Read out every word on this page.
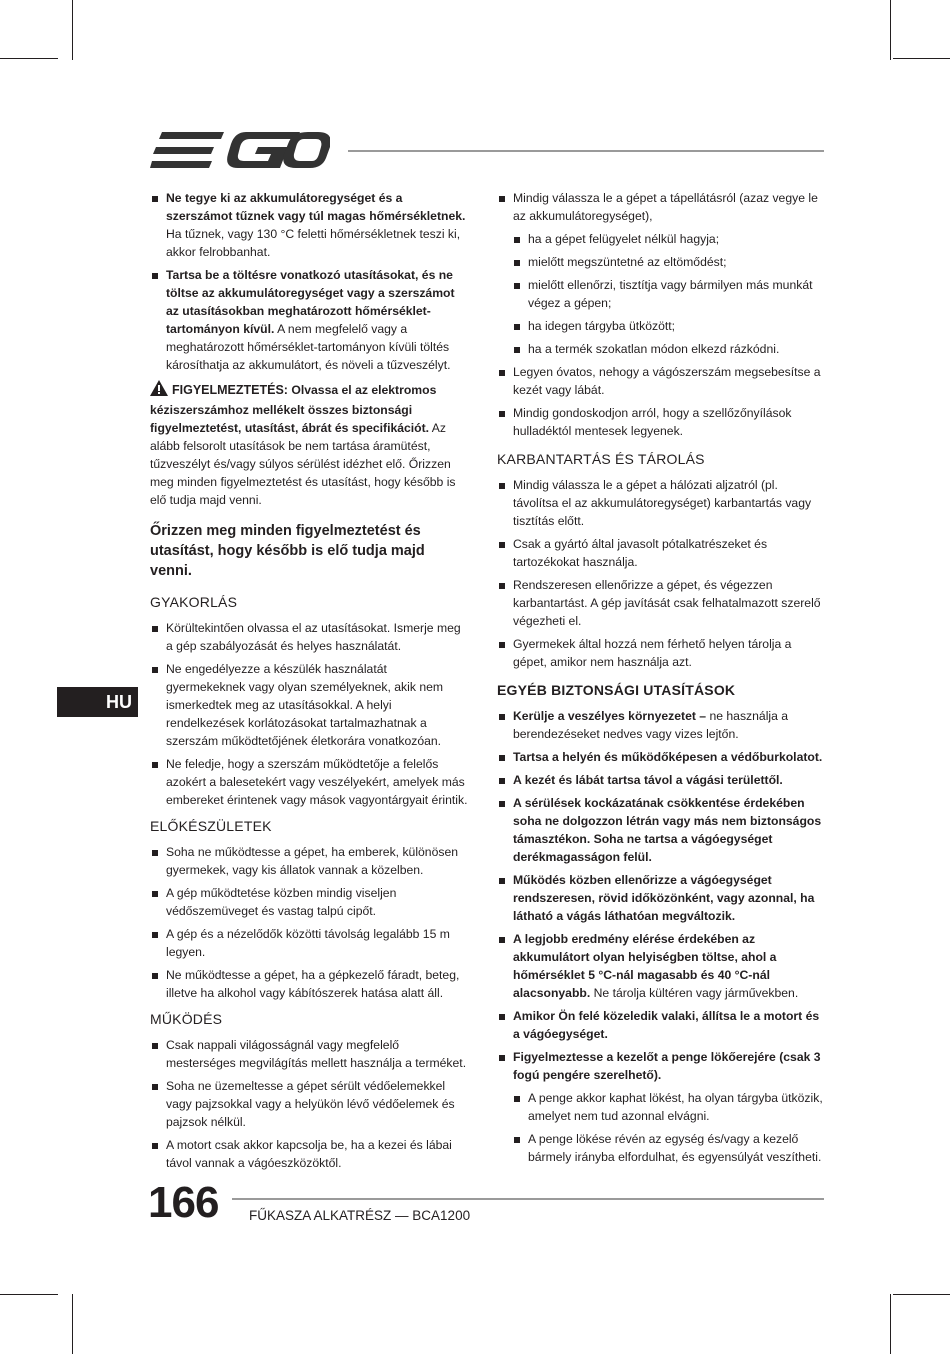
Ne tegye ki az akkumulátoregységet és a szerszámot tűznek vagy túl magas hőmérsékletnek. Ha tűznek, vagy 130 °C feletti hőmérsékletnek teszi ki, akkor felrobbanhat.
Tartsa be a töltésre vonatkozó utasításokat, és ne töltse az akkumulátoregységet vagy a szerszámot az utasításokban meghatározott hőmérséklet-tartományon kívül. A nem megfelelő vagy a meghatározott hőmérséklet-tartományon kívüli töltés károsíthatja az akkumulátort, és növeli a tűzveszélyt.
FIGYELMEZTETÉS: Olvassa el az elektromos kéziszerszámhoz mellékelt összes biztonsági figyelmeztetést, utasítást, ábrát és specifikációt. Az alább felsorolt utasítások be nem tartása áramütést, tűzveszélyt és/vagy súlyos sérülést idézhet elő. Őrizzen meg minden figyelmeztetést és utasítást, hogy később is elő tudja majd venni.
Őrizzen meg minden figyelmeztetést és utasítást, hogy később is elő tudja majd venni.
GYAKORLÁS
Körültekintően olvassa el az utasításokat. Ismerje meg a gép szabályozását és helyes használatát.
Ne engedélyezze a készülék használatát gyermekeknek vagy olyan személyeknek, akik nem ismerkedtek meg az utasításokkal. A helyi rendelkezések korlátozásokat tartalmazhatnak a szerszám működtetőjének életkorára vonatkozóan.
Ne feledje, hogy a szerszám működtetője a felelős azokért a balesetekért vagy veszélyekért, amelyek más embereket érintenek vagy mások vagyontárgyait érintik.
ELŐKÉSZÜLETEK
Soha ne működtesse a gépet, ha emberek, különösen gyermekek, vagy kis állatok vannak a közelben.
A gép működtetése közben mindig viseljen védőszemüveget és vastag talpú cipőt.
A gép és a nézelődők közötti távolság legalább 15 m legyen.
Ne működtesse a gépet, ha a gépkezelő fáradt, beteg, illetve ha alkohol vagy kábítószerek hatása alatt áll.
MŰKÖDÉS
Csak nappali világosságnál vagy megfelelő mesterséges megvilágítás mellett használja a terméket.
Soha ne üzemeltesse a gépet sérült védőelemekkel vagy pajzsokkal vagy a helyükön lévő védőelemek és pajzsok nélkül.
A motort csak akkor kapcsolja be, ha a kezei és lábai távol vannak a vágóeszközöktől.
Mindig válassza le a gépet a tápellátásról (azaz vegye le az akkumulátoregységet),
ha a gépet felügyelet nélkül hagyja;
mielőtt megszüntetné az eltömődést;
mielőtt ellenőrzi, tisztítja vagy bármilyen más munkát végez a gépen;
ha idegen tárgyba ütközött;
ha a termék szokatlan módon elkezd rázkódni.
Legyen óvatos, nehogy a vágószerszám megsebesítse a kezét vagy lábát.
Mindig gondoskodjon arról, hogy a szellőzőnyílások hulladéktól mentesek legyenek.
KARBANTARTÁS ÉS TÁROLÁS
Mindig válassza le a gépet a hálózati aljzatról (pl. távolítsa el az akkumulátoregységet) karbantartás vagy tisztítás előtt.
Csak a gyártó által javasolt pótalkatrészeket és tartozékokat használja.
Rendszeresen ellenőrizze a gépet, és végezzen karbantartást. A gép javítását csak felhatalmazott szerelő végezheti el.
Gyermekek által hozzá nem férhető helyen tárolja a gépet, amikor nem használja azt.
EGYÉB BIZTONSÁGI UTASÍTÁSOK
Kerülje a veszélyes környezetet – ne használja a berendezéseket nedves vagy vizes lejtőn.
Tartsa a helyén és működőképesen a védőburkolatot.
A kezét és lábát tartsa távol a vágási területtől.
A sérülések kockázatának csökkentése érdekében soha ne dolgozzon létrán vagy más nem biztonságos támasztékon. Soha ne tartsa a vágóegységet derékmagasságon felül.
Működés közben ellenőrizze a vágóegységet rendszeresen, rövid időközönként, vagy azonnal, ha látható a vágás láthatóan megváltozik.
A legjobb eredmény elérése érdekében az akkumulátort olyan helyiségben töltse, ahol a hőmérséklet 5 °C-nál magasabb és 40 °C-nál alacsonyabb. Ne tárolja kültéren vagy járművekben.
Amikor Ön felé közeledik valaki, állítsa le a motort és a vágóegységet.
Figyelmeztesse a kezelőt a penge lökőerejére (csak 3 fogú pengére szerelhető).
A penge akkor kaphat lökést, ha olyan tárgyba ütközik, amelyet nem tud azonnal elvágni.
A penge lökése révén az egység és/vagy a kezelő bármely irányba elfordulhat, és egyensúlyát veszítheti.
HU
166 FŰKASZA ALKATRÉSZ — BCA1200
